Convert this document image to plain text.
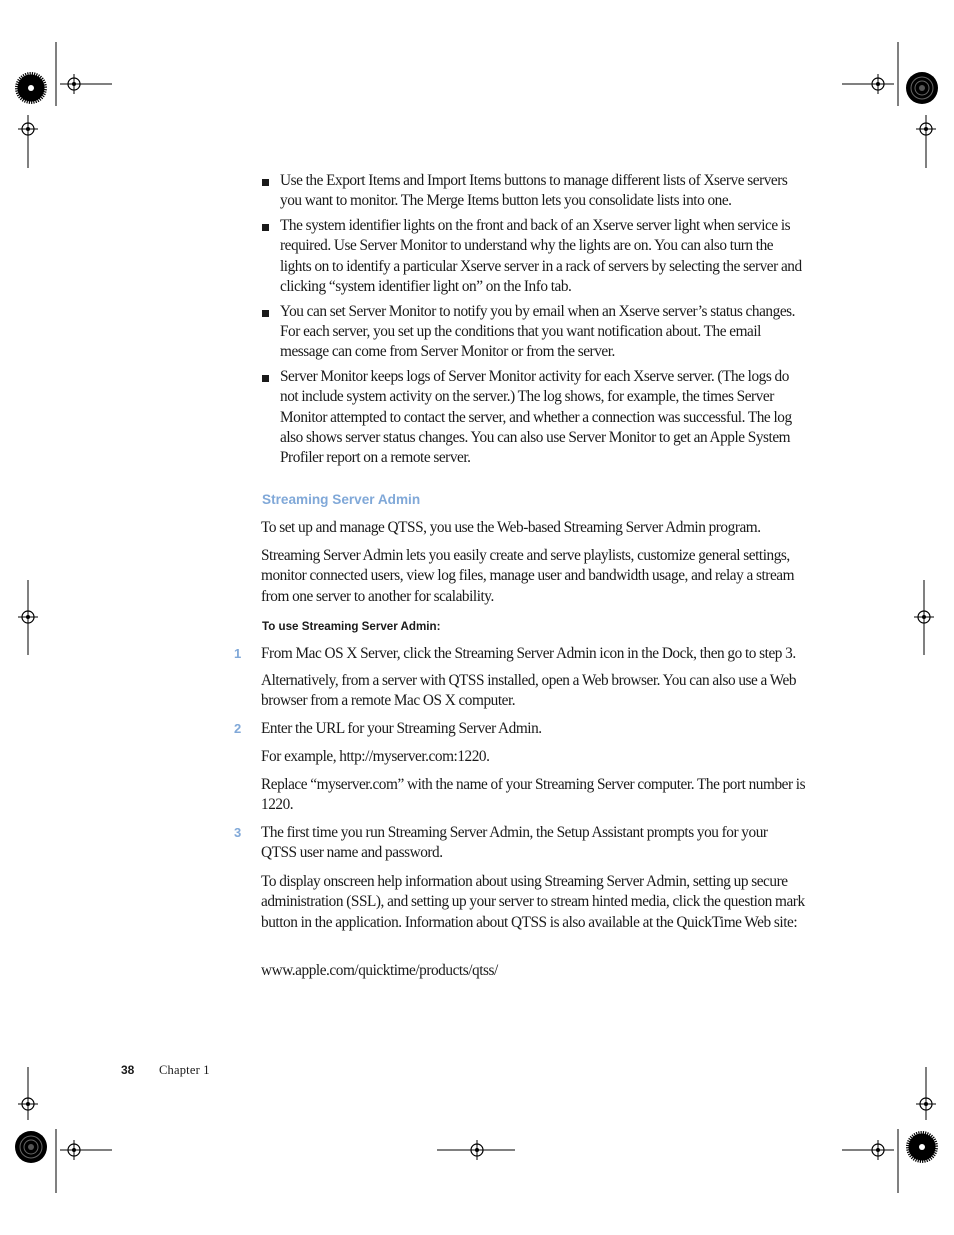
Use the Export Items and Import Items buttons to manage different lists of Xserve servers you want to monitor. The Merge Items button lets you consolidate lists into one.
The system identifier lights on the front and back of an Xserve server light when service is required. Use Server Monitor to understand why the lights are on. You can also turn the lights on to identify a particular Xserve server in a rack of servers by selecting the server and clicking “system identifier light on” on the Info tab.
You can set Server Monitor to notify you by email when an Xserve server’s status changes. For each server, you set up the conditions that you want notification about. The email message can come from Server Monitor or from the server.
Server Monitor keeps logs of Server Monitor activity for each Xserve server. (The logs do not include system activity on the server.) The log shows, for example, the times Server Monitor attempted to contact the server, and whether a connection was successful. The log also shows server status changes. You can also use Server Monitor to get an Apple System Profiler report on a remote server.
Streaming Server Admin

To set up and manage QTSS, you use the Web-based Streaming Server Admin program.

Streaming Server Admin lets you easily create and serve playlists, customize general settings, monitor connected users, view log files, manage user and bandwidth usage, and relay a stream from one server to another for scalability.

To use Streaming Server Admin:
1 From Mac OS X Server, click the Streaming Server Admin icon in the Dock, then go to step 3.

Alternatively, from a server with QTSS installed, open a Web browser. You can also use a Web browser from a remote Mac OS X computer.

2 Enter the URL for your Streaming Server Admin.

For example, http://myserver.com:1220.

Replace “myserver.com” with the name of your Streaming Server computer. The port number is 1220.

3 The first time you run Streaming Server Admin, the Setup Assistant prompts you for your QTSS user name and password.

To display onscreen help information about using Streaming Server Admin, setting up secure administration (SSL), and setting up your server to stream hinted media, click the question mark button in the application. Information about QTSS is also available at the QuickTime Web site:

www.apple.com/quicktime/products/qtss/

38 Chapter 1
